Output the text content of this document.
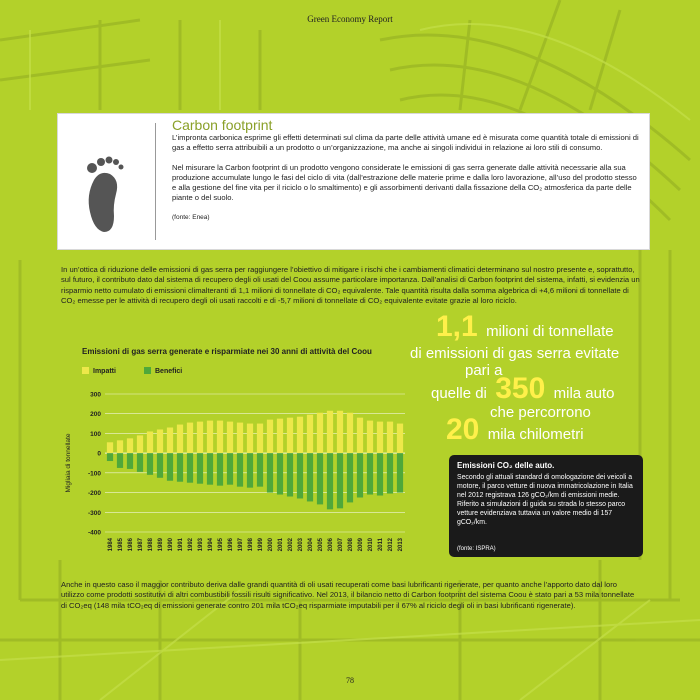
Green Economy Report
Carbon footprint

L’impronta carbonica esprime gli effetti determinati sul clima da parte delle attività umane ed è misurata come quantità totale di emissioni di gas a effetto serra attribuibili a un prodotto o un’organizzazione, ma anche ai singoli individui in relazione ai loro stili di consumo.

Nel misurare la Carbon footprint di un prodotto vengono considerate le emissioni di gas serra generate dalle attività necessarie alla sua produzione accumulate lungo le fasi del ciclo di vita (dall’estrazione delle materie prime e dalla loro lavorazione, all’uso del prodotto stesso e alla gestione del fine vita per il riciclo o lo smaltimento) e gli assorbimenti derivanti dalla fissazione della CO₂ atmosferica da parte delle piante o del suolo.

(fonte: Enea)

In un’ottica di riduzione delle emissioni di gas serra per raggiungere l’obiettivo di mitigare i rischi che i cambiamenti climatici determinano sul nostro presente e, soprattutto, sul futuro, il contributo dato dal sistema di recupero degli oli usati del Coou assume particolare importanza. Dall’analisi di Carbon footprint del sistema, infatti, si evidenzia un risparmio netto cumulato di emissioni climalteranti di 1,1 milioni di tonnellate di CO₂ equivalente. Tale quantità risulta dalla somma algebrica di +4,6 milioni di tonnellate di CO₂ emesse per le attività di recupero degli oli usati raccolti e di -5,7 milioni di tonnellate di CO₂ equivalente evitate grazie al loro riciclo.
Emissioni di gas serra generate e risparmiate nei 30 anni di attività del Coou
Impatti	Benefici
300
200
100
0
-100
-200
-300
-400
1984 1985 1986 1987 1988 1989 1990 1991 1992 1993 1994 1995 1996 1997 1998 1999 2000 2001 2002 2003 2004 2005 2006 2007 2008 2009 2010 2011 2012 2013
Migliaia di tonnellate
1,1 milioni di tonnellate
di emissioni di gas serra evitate
pari a
quelle di 350 mila auto
che percorrono
20 mila chilometri
Emissioni CO₂ delle auto.
Secondo gli attuali standard di omologazione dei veicoli a motore, il parco vetture di nuova immatricolazione in Italia nel 2012 registrava 126 gCO₂/km di emissioni medie. Riferito a simulazioni di guida su strada lo stesso parco vetture evidenziava tuttavia un valore medio di 157 gCO₂/km.
(fonte: ISPRA)
Anche in questo caso il maggior contributo deriva dalle grandi quantità di oli usati recuperati come basi lubrificanti rigenerate, per quanto anche l’apporto dato dal loro utilizzo come prodotti sostitutivi di altri combustibili fossili risulti significativo. Nel 2013, il bilancio netto di Carbon footprint del sistema Coou è stato pari a 53 mila tonnellate di CO₂eq (148 mila tCO₂eq di emissioni generate contro 201 mila tCO₂eq risparmiate imputabili per il 67% al riciclo degli oli in basi lubrificanti rigenerate).
78
